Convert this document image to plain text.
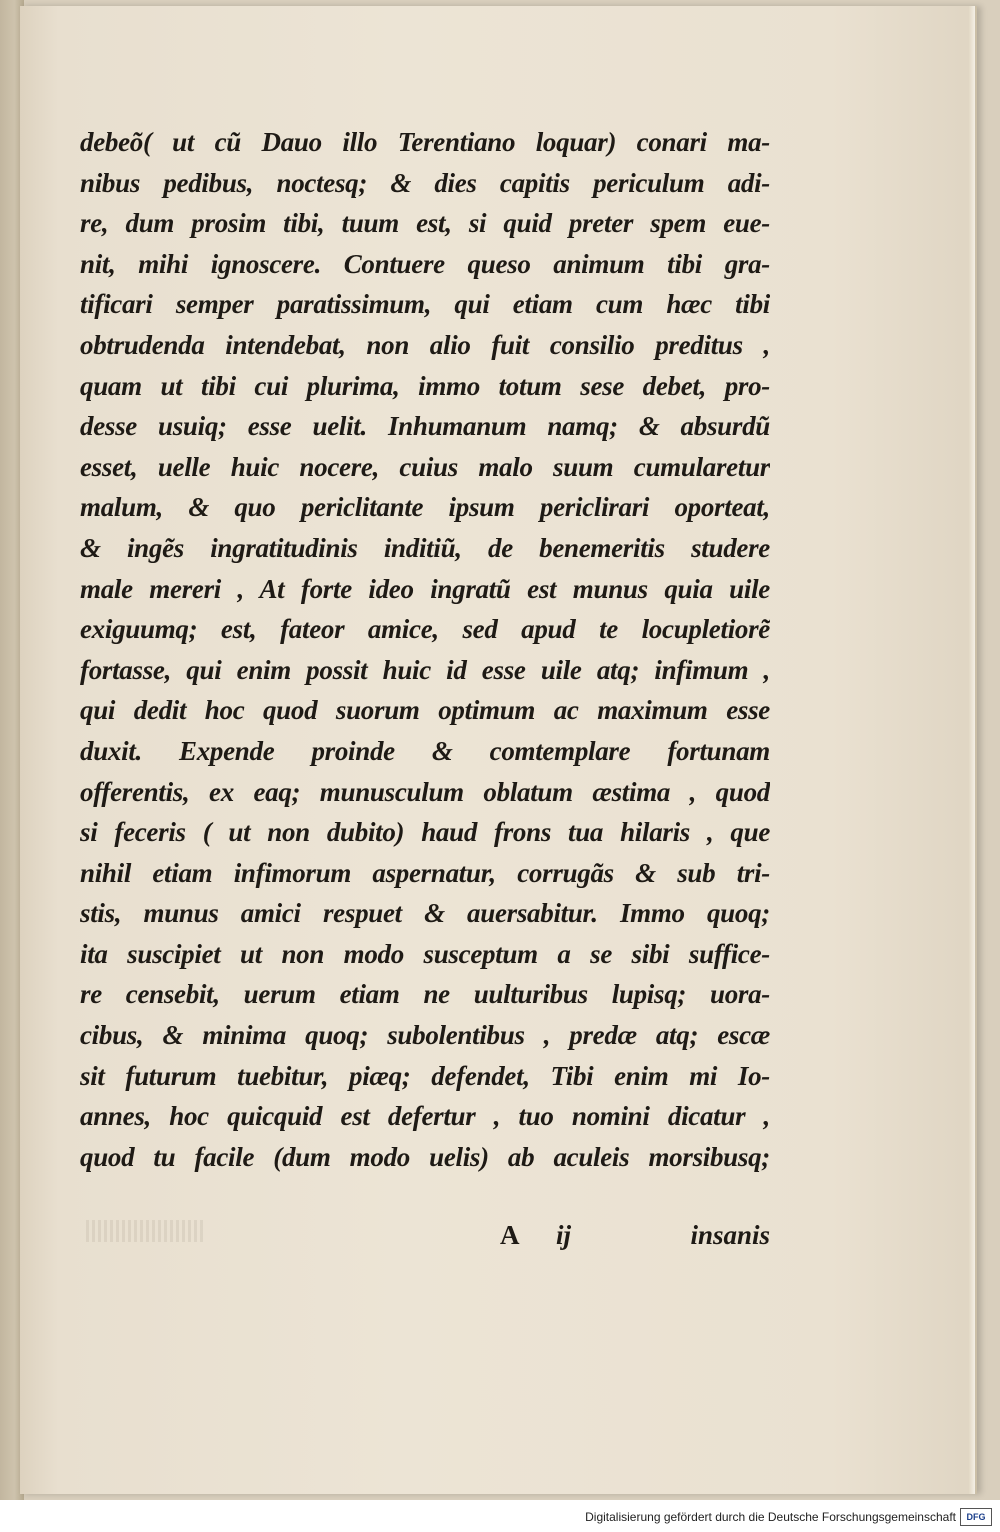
debeõ( ut cũ Dauo illo Terentiano loquar) conari ma-
nibus pedibus, noctesq; & dies capitis periculum adi-
re, dum prosim tibi, tuum est, si quid preter spem eue-
nit, mihi ignoscere. Contuere queso animum tibi gra-
tificari semper paratissimum, qui etiam cum hæc tibi
obtrudenda intendebat, non alio fuit consilio preditus ,
quam ut tibi cui plurima, immo totum sese debet, pro-
desse usuiq; esse uelit. Inhumanum namq; & absurdũ
esset, uelle huic nocere, cuius malo suum cumularetur
malum, & quo periclitante ipsum periclirari oporteat,
& ingẽs ingratitudinis inditiũ, de benemeritis studere
male mereri , At forte ideo ingratũ est munus quia uile
exiguumq; est, fateor amice, sed apud te locupletiorẽ
fortasse, qui enim possit huic id esse uile atq; infimum ,
qui dedit hoc quod suorum optimum ac maximum esse
duxit. Expende proinde & comtemplare fortunam
offerentis, ex eaq; munusculum oblatum æstima , quod
si feceris ( ut non dubito) haud frons tua hilaris , que
nihil etiam infimorum aspernatur, corrugãs & sub tri-
stis, munus amici respuet & auersabitur. Immo quoq;
ita suscipiet ut non modo susceptum a se sibi suffice-
re censebit, uerum etiam ne uulturibus lupisq; uora-
cibus, & minima quoq; subolentibus , predæ atq; escæ
sit futurum tuebitur, piæq; defendet, Tibi enim mi Io-
annes, hoc quicquid est defertur , tuo nomini dicatur ,
quod tu facile (dum modo uelis) ab aculeis morsibusq;
A ij	insanis
Digitalisierung gefördert durch die Deutsche Forschungsgemeinschaft	DFG
